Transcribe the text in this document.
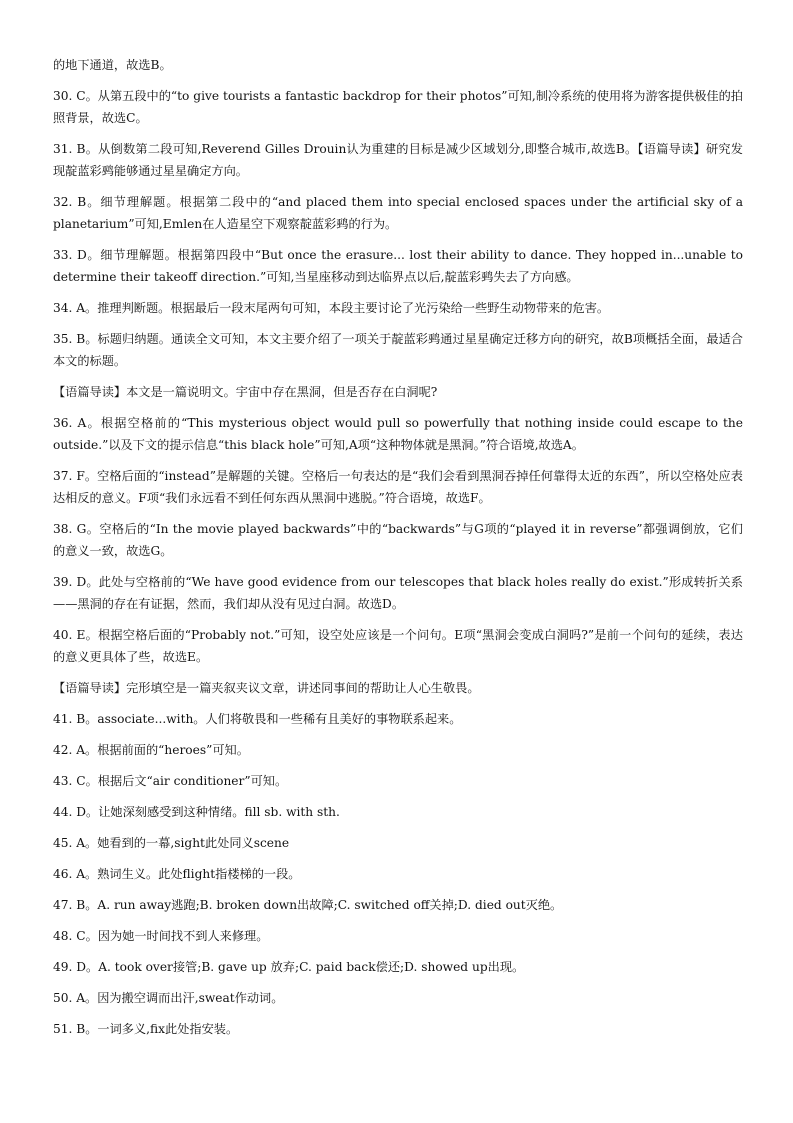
的地下通道，故选B。

30. C。从第五段中的“to give tourists a fantastic backdrop for their photos”可知,制冷系统的使用将为游客提供极佳的拍照背景，故选C。

31. B。从倒数第二段可知,Reverend Gilles Drouin认为重建的目标是减少区域划分,即整合城市,故选B。【语篇导读】研究发现靛蓝彩鹀能够通过星星确定方向。

32. B。细节理解题。根据第二段中的“and placed them into special enclosed spaces under the artificial sky of a planetarium”可知,Emlen在人造星空下观察靛蓝彩鹀的行为。

33. D。细节理解题。根据第四段中“But once the erasure... lost their ability to dance. They hopped in...unable to determine their takeoff direction.”可知,当星座移动到达临界点以后,靛蓝彩鹀失去了方向感。

34. A。推理判断题。根据最后一段末尾两句可知，本段主要讨论了光污染给一些野生动物带来的危害。

35. B。标题归纳题。通读全文可知，本文主要介绍了一项关于靛蓝彩鹀通过星星确定迁移方向的研究，故B项概括全面，最适合本文的标题。

【语篇导读】本文是一篇说明文。宇宙中存在黑洞，但是否存在白洞呢?

36. A。根据空格前的“This mysterious object would pull so powerfully that nothing inside could escape to the outside.”以及下文的提示信息“this black hole”可知,A项“这种物体就是黑洞。”符合语境,故选A。

37. F。空格后面的“instead”是解题的关键。空格后一句表达的是“我们会看到黑洞吞掉任何靠得太近的东西”，所以空格处应表达相反的意义。F项“我们永远看不到任何东西从黑洞中逃脱。”符合语境，故选F。

38. G。空格后的“In the movie played backwards”中的“backwards”与G项的“played it in reverse”都强调倒放，它们的意义一致，故选G。

39. D。此处与空格前的“We have good evidence from our telescopes that black holes really do exist.”形成转折关系——黑洞的存在有证据，然而，我们却从没有见过白洞。故选D。

40. E。根据空格后面的“Probably not.”可知，设空处应该是一个问句。E项“黑洞会变成白洞吗?”是前一个问句的延续，表达的意义更具体了些，故选E。

【语篇导读】完形填空是一篇夹叙夹议文章，讲述同事间的帮助让人心生敬畏。

41. B。associate...with。人们将敬畏和一些稀有且美好的事物联系起来。

42. A。根据前面的“heroes”可知。

43. C。根据后文“air conditioner”可知。

44. D。让她深刻感受到这种情绪。fill sb. with sth.

45. A。她看到的一幕,sight此处同义scene

46. A。熟词生义。此处flight指楼梯的一段。

47. B。A. run away逃跑;B. broken down出故障;C. switched off关掉;D. died out灭绝。

48. C。因为她一时间找不到人来修理。

49. D。A. took over接管;B. gave up 放弃;C. paid back偿还;D. showed up出现。

50. A。因为搬空调而出汗,sweat作动词。

51. B。一词多义,fix此处指安装。
